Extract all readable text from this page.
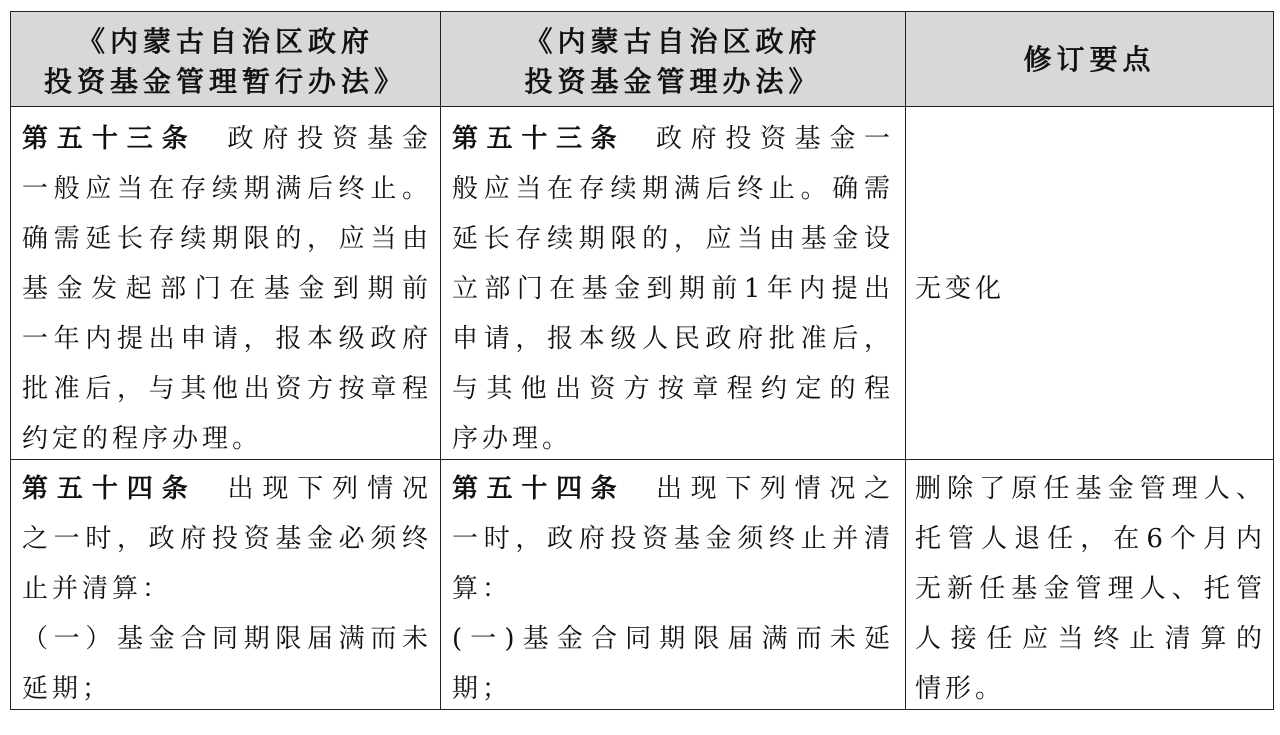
《内蒙古自治区政府
投资基金管理暂行办法》
《内蒙古自治区政府
投资基金管理办法》
修订要点
第五十三条 政府投资基金
一般应当在存续期满后终止。
确需延长存续期限的，应当由
基金发起部门在基金到期前
一年内提出申请，报本级政府
批准后，与其他出资方按章程
约定的程序办理。
第五十三条 政府投资基金一
般应当在存续期满后终止。确需
延长存续期限的，应当由基金设
立部门在基金到期前1年内提出
申请，报本级人民政府批准后，
与其他出资方按章程约定的程
序办理。
无变化
第五十四条 出现下列情况
之一时，政府投资基金必须终
止并清算：
（一）基金合同期限届满而未
延期；
第五十四条 出现下列情况之
一时，政府投资基金须终止并清
算：
(一)基金合同期限届满而未延
期；
删除了原任基金管理人、
托管人退任，在6个月内
无新任基金管理人、托管
人接任应当终止清算的
情形。
